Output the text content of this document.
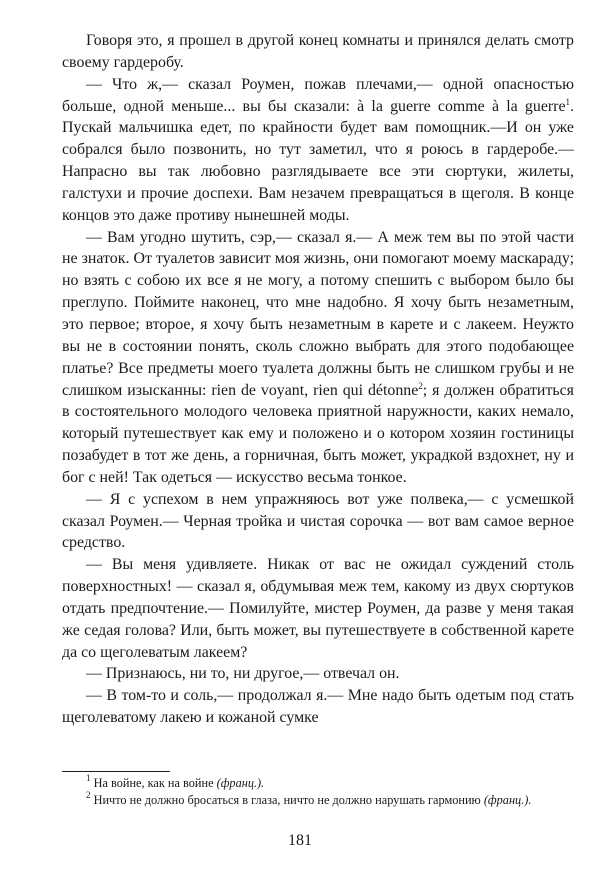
Говоря это, я прошел в другой конец комнаты и принялся делать смотр своему гардеробу.

— Что ж,— сказал Роумен, пожав плечами,— одной опасностью больше, одной меньше... вы бы сказали: à la guerre comme à la guerre$^1$. Пускай мальчишка едет, по крайности будет вам помощник.—И он уже собрался было позвонить, но тут заметил, что я роюсь в гардеробе.— Напрасно вы так любовно разглядываете все эти сюртуки, жилеты, галстухи и прочие доспехи. Вам незачем превращаться в щеголя. В конце концов это даже противу нынешней моды.

— Вам угодно шутить, сэр,— сказал я.— А меж тем вы по этой части не знаток. От туалетов зависит моя жизнь, они помогают моему маскараду; но взять с собою их все я не могу, а потому спешить с выбором было бы преглупо. Поймите наконец, что мне надобно. Я хочу быть незаметным, это первое; второе, я хочу быть незаметным в карете и с лакеем. Неужто вы не в состоянии понять, сколь сложно выбрать для этого подобающее платье? Все предметы моего туалета должны быть не слишком грубы и не слишком изысканны: rien de voyant, rien qui détonne$^2$; я должен обратиться в состоятельного молодого человека приятной наружности, каких немало, который путешествует как ему и положено и о котором хозяин гостиницы позабудет в тот же день, а горничная, быть может, украдкой вздохнет, ну и бог с ней! Так одеться — искусство весьма тонкое.

— Я с успехом в нем упражняюсь вот уже полвека,— с усмешкой сказал Роумен.— Черная тройка и чистая сорочка — вот вам самое верное средство.

— Вы меня удивляете. Никак от вас не ожидал суждений столь поверхностных! — сказал я, обдумывая меж тем, какому из двух сюртуков отдать предпочтение.— Помилуйте, мистер Роумен, да разве у меня такая же седая голова? Или, быть может, вы путешествуете в собственной карете да со щеголеватым лакеем?

— Признаюсь, ни то, ни другое,— отвечал он.

— В том-то и соль,— продолжал я.— Мне надо быть одетым под стать щеголеватому лакею и кожаной сумке

$^1$ На войне, как на войне (франц.).

$^2$ Ничто не должно бросаться в глаза, ничто не должно нарушать гармонию (франц.).

181
